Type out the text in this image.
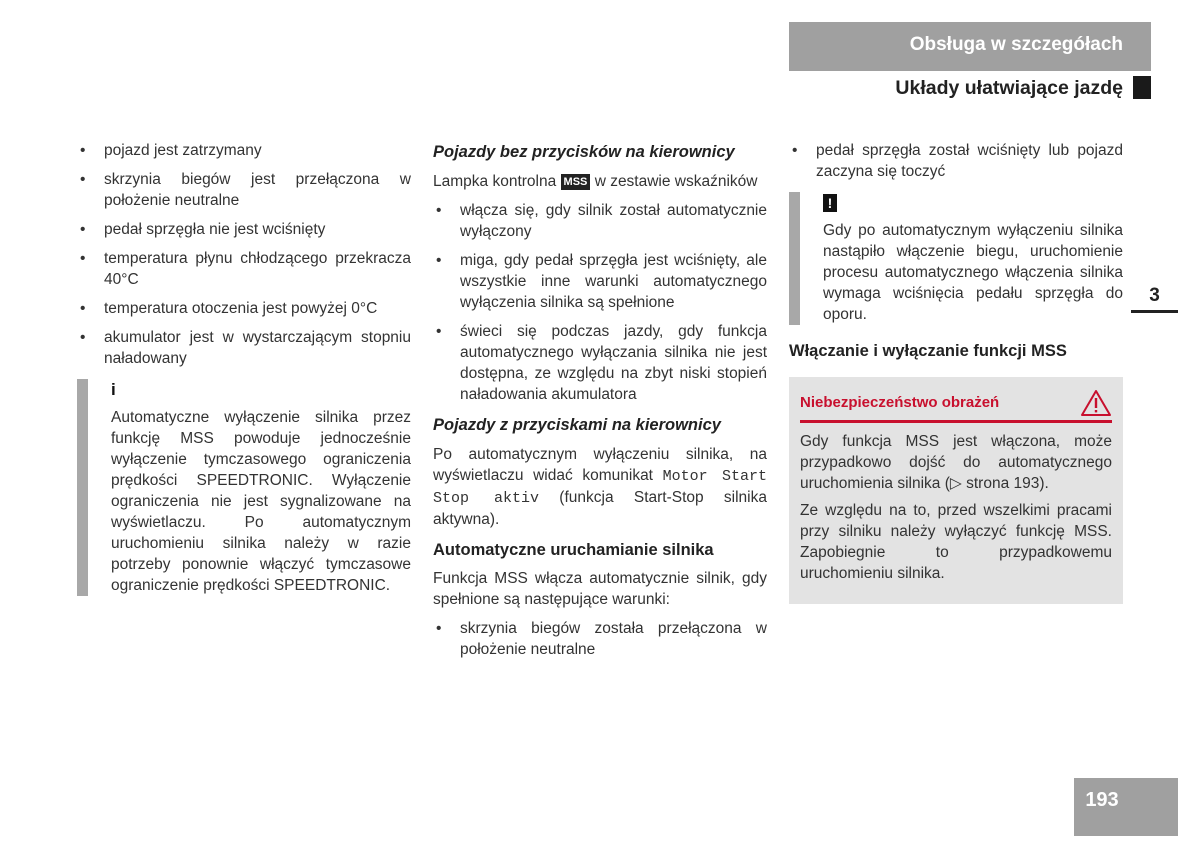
Obsługa w szczegółach
Układy ułatwiające jazdę
• pojazd jest zatrzymany
• skrzynia biegów jest przełączona w położenie neutralne
• pedał sprzęgła nie jest wciśnięty
• temperatura płynu chłodzącego przekracza 40°C
• temperatura otoczenia jest powyżej 0°C
• akumulator jest w wystarczającym stopniu naładowany
i

Automatyczne wyłączenie silnika przez funkcję MSS powoduje jednocześnie wyłączenie tymczasowego ograniczenia prędkości SPEEDTRONIC. Wyłączenie ograniczenia nie jest sygnalizowane na wyświetlaczu. Po automatycznym uruchomieniu silnika należy w razie potrzeby ponownie włączyć tymczasowe ograniczenie prędkości SPEEDTRONIC.

Pojazdy bez przycisków na kierownicy

Lampka kontrolna MSS w zestawie wskaźników

• włącza się, gdy silnik został automatycznie wyłączony
• miga, gdy pedał sprzęgła jest wciśnięty, ale wszystkie inne warunki automatycznego wyłączenia silnika są spełnione
• świeci się podczas jazdy, gdy funkcja automatycznego wyłączania silnika nie jest dostępna, ze względu na zbyt niski stopień naładowania akumulatora
Pojazdy z przyciskami na kierownicy

Po automatycznym wyłączeniu silnika, na wyświetlaczu widać komunikat Motor Start Stop aktiv (funkcja Start-Stop silnika aktywna).

Automatyczne uruchamianie silnika

Funkcja MSS włącza automatycznie silnik, gdy spełnione są następujące warunki:

• skrzynia biegów została przełączona w położenie neutralne
• pedał sprzęgła został wciśnięty lub pojazd zaczyna się toczyć
!

Gdy po automatycznym wyłączeniu silnika nastąpiło włączenie biegu, uruchomienie procesu automatycznego włączenia silnika wymaga wciśnięcia pedału sprzęgła do oporu.

Włączanie i wyłączanie funkcji MSS
Niebezpieczeństwo obrażeń

Gdy funkcja MSS jest włączona, może przypadkowo dojść do automatycznego uruchomienia silnika (▷ strona 193).

Ze względu na to, przed wszelkimi pracami przy silniku należy wyłączyć funkcję MSS. Zapobiegnie to przypadkowemu uruchomieniu silnika.

3
193
